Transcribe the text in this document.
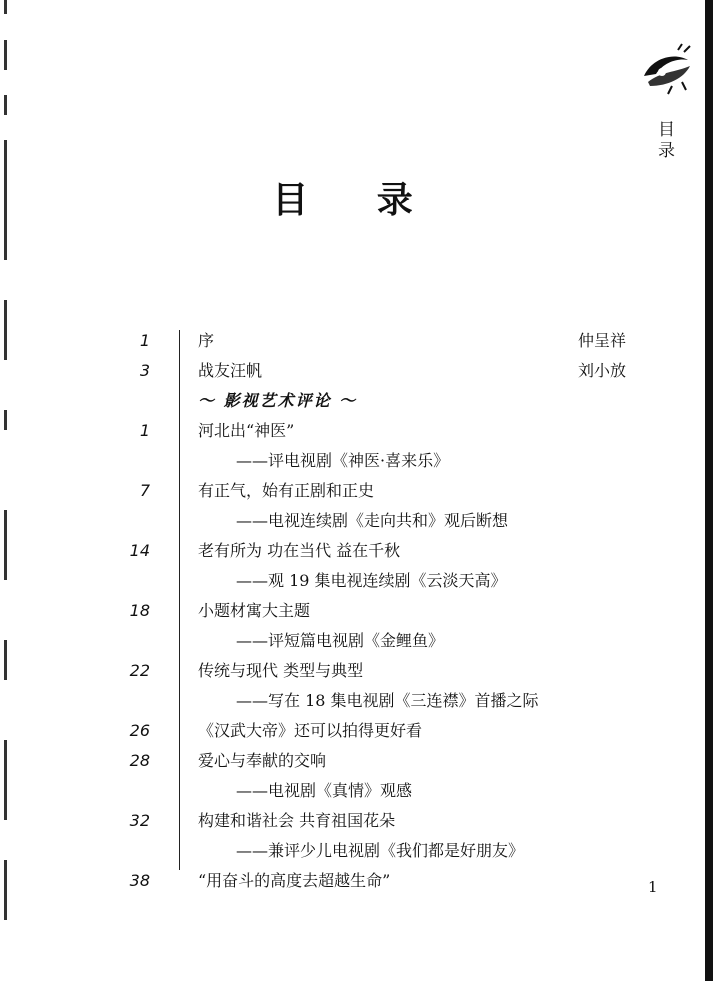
目录
目 录
1	序	仲呈祥
3	战友汪帆	刘小放
～ 影视艺术评论 ～
1	河北出“神医”
——评电视剧《神医·喜来乐》
7	有正气，始有正剧和正史
——电视连续剧《走向共和》观后断想
14	老有所为 功在当代 益在千秋
——观 19 集电视连续剧《云淡天高》
18	小题材寓大主题
——评短篇电视剧《金鲤鱼》
22	传统与现代 类型与典型
——写在 18 集电视剧《三连襟》首播之际
26	《汉武大帝》还可以拍得更好看
28	爱心与奉献的交响
——电视剧《真情》观感
32	构建和谐社会 共育祖国花朵
——兼评少儿电视剧《我们都是好朋友》
38	“用奋斗的高度去超越生命”	1
